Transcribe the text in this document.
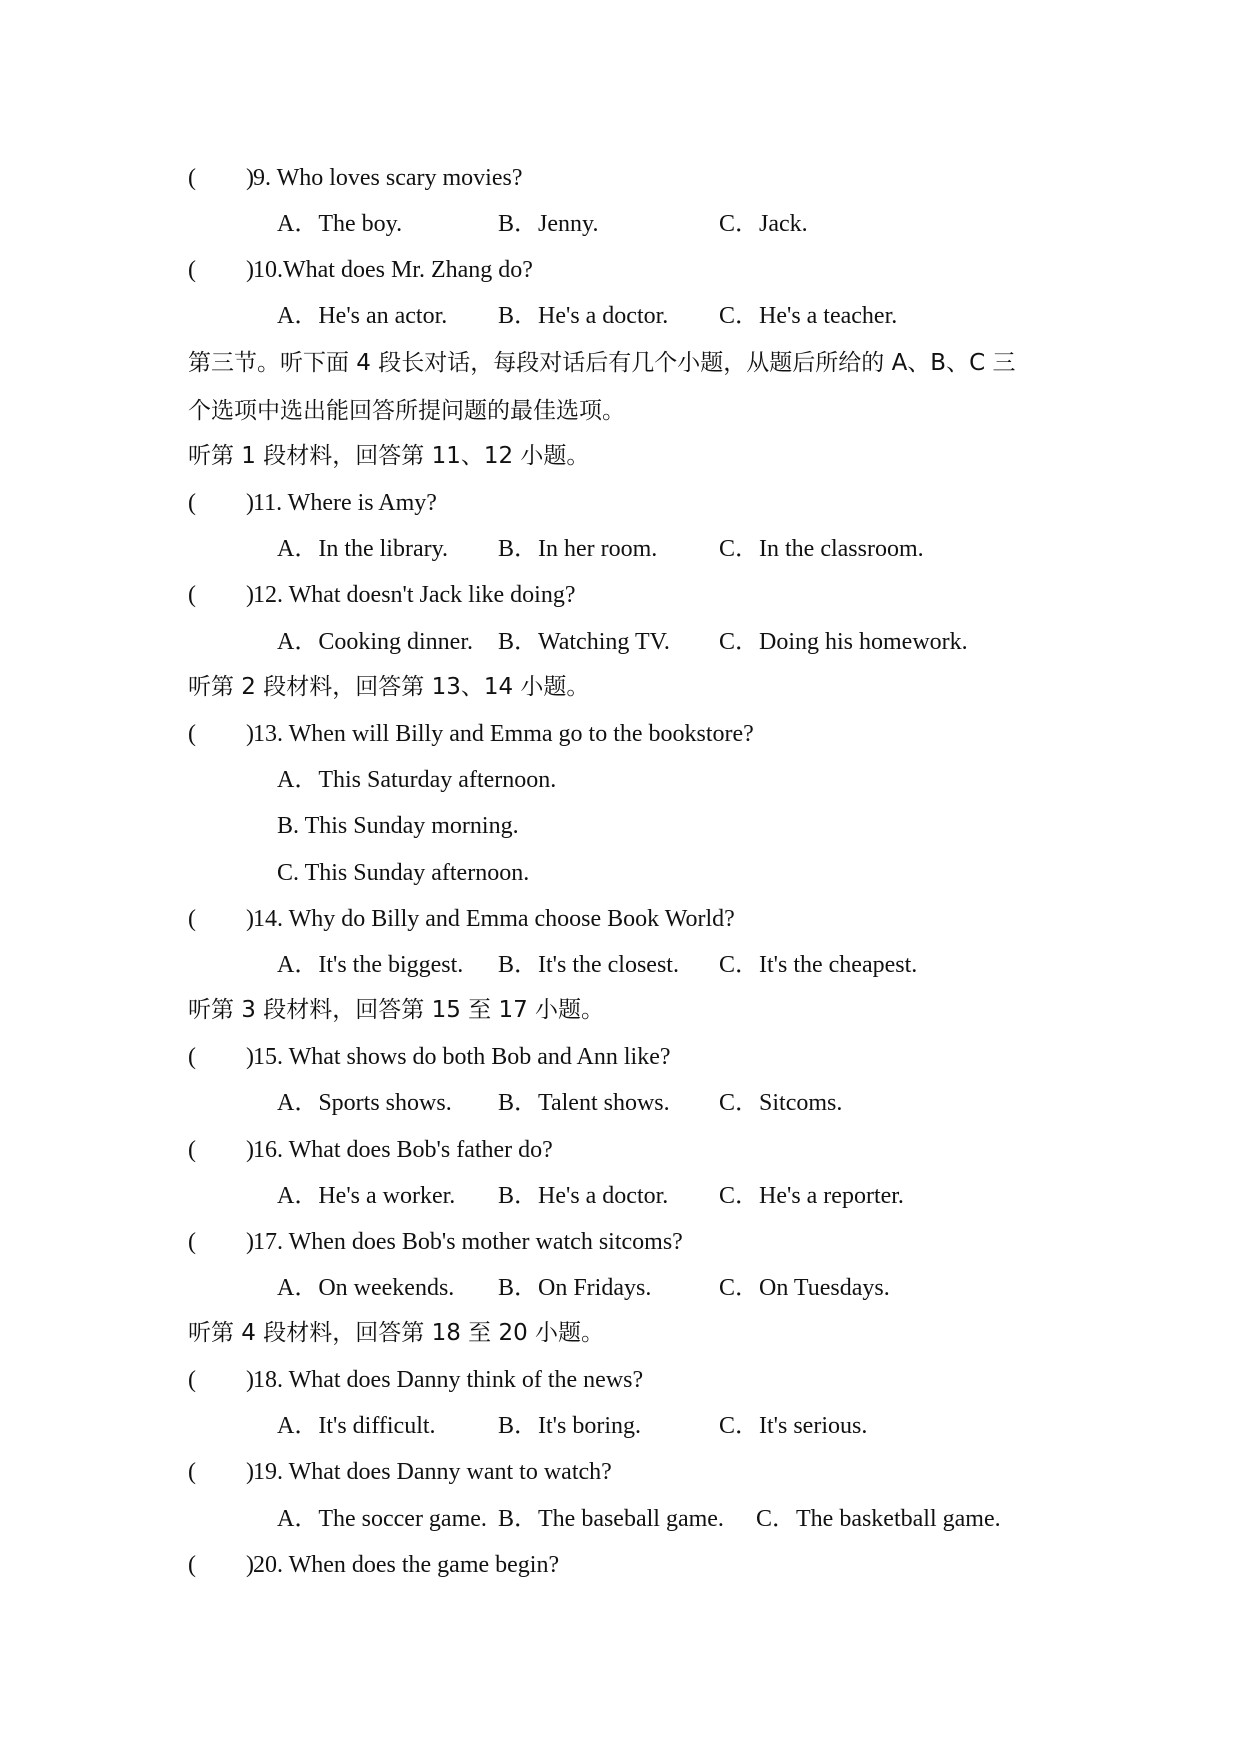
( ) 9. Who loves scary movies?
A．The boy.	B．Jenny.	C．Jack.
( ) 10.What does Mr. Zhang do?
A．He's an actor. B．He's a doctor. C．He's a teacher.
第三节。听下面 4 段长对话，每段对话后有几个小题，从题后所给的 A、B、C 三
个选项中选出能回答所提问题的最佳选项。
听第 1 段材料，回答第 11、12 小题。
( ) 11. Where is Amy?
A．In the library. B．In her room.	C．In the classroom.
( ) 12. What doesn't Jack like doing?
A．Cooking dinner. B．Watching TV. C．Doing his homework.
听第 2 段材料，回答第 13、14 小题。
( ) 13. When will Billy and Emma go to the bookstore?
A．This Saturday afternoon.
B. This Sunday morning.
C. This Sunday afternoon.
( ) 14. Why do Billy and Emma choose Book World?
A．It's the biggest. B．It's the closest. C．It's the cheapest.
听第 3 段材料，回答第 15 至 17 小题。
( ) 15. What shows do both Bob and Ann like?
A．Sports shows. B．Talent shows. C．Sitcoms.
( ) 16. What does Bob's father do?
A．He's a worker. B．He's a doctor. C．He's a reporter.
( ) 17. When does Bob's mother watch sitcoms?
A．On weekends. B．On Fridays.	C．On Tuesdays.
听第 4 段材料，回答第 18 至 20 小题。
( ) 18. What does Danny think of the news?
A．It's difficult.	B．It's boring.	C．It's serious.
( ) 19. What does Danny want to watch?
A．The soccer game. B．The baseball game. C．The basketball game.
( ) 20. When does the game begin?
